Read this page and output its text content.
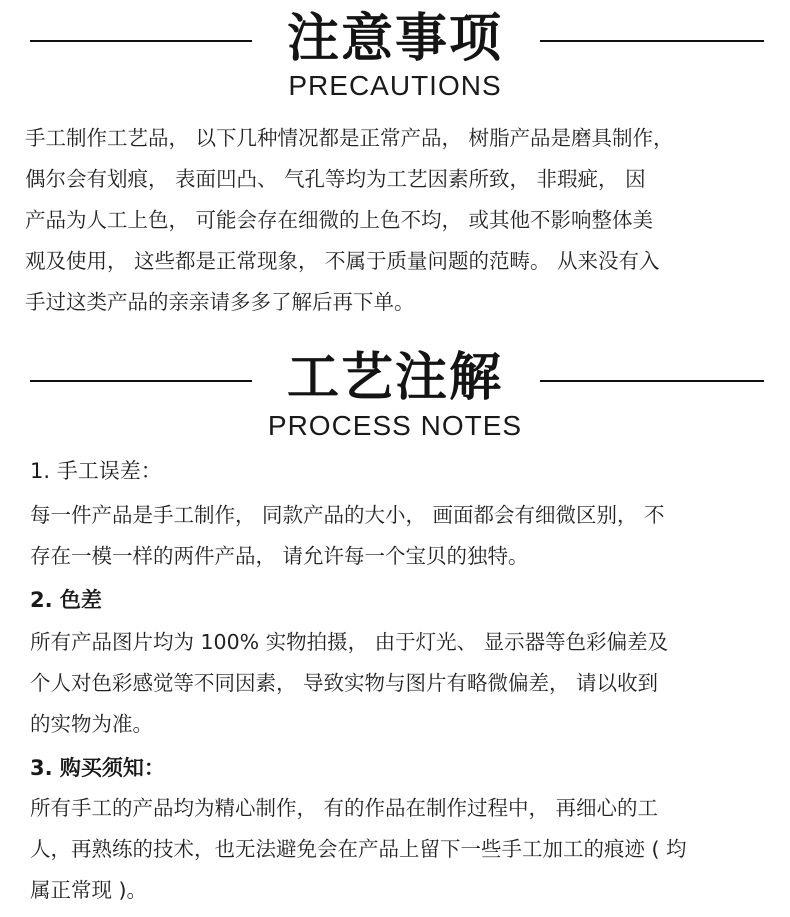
注意事项
PRECAUTIONS
手工制作工艺品， 以下几种情况都是正常产品， 树脂产品是磨具制作，
偶尔会有划痕， 表面凹凸、 气孔等均为工艺因素所致， 非瑕疵， 因
产品为人工上色， 可能会存在细微的上色不均， 或其他不影响整体美
观及使用， 这些都是正常现象， 不属于质量问题的范畴。 从来没有入
手过这类产品的亲亲请多多了解后再下单。
工艺注解
PROCESS NOTES
1. 手工误差：
每一件产品是手工制作， 同款产品的大小， 画面都会有细微区别， 不
存在一模一样的两件产品， 请允许每一个宝贝的独特。
2. 色差
所有产品图片均为 100% 实物拍摄， 由于灯光、 显示器等色彩偏差及
个人对色彩感觉等不同因素， 导致实物与图片有略微偏差， 请以收到
的实物为准。
3. 购买须知：
所有手工的产品均为精心制作， 有的作品在制作过程中， 再细心的工
人，再熟练的技术，也无法避免会在产品上留下一些手工加工的痕迹 ( 均
属正常现 )。
